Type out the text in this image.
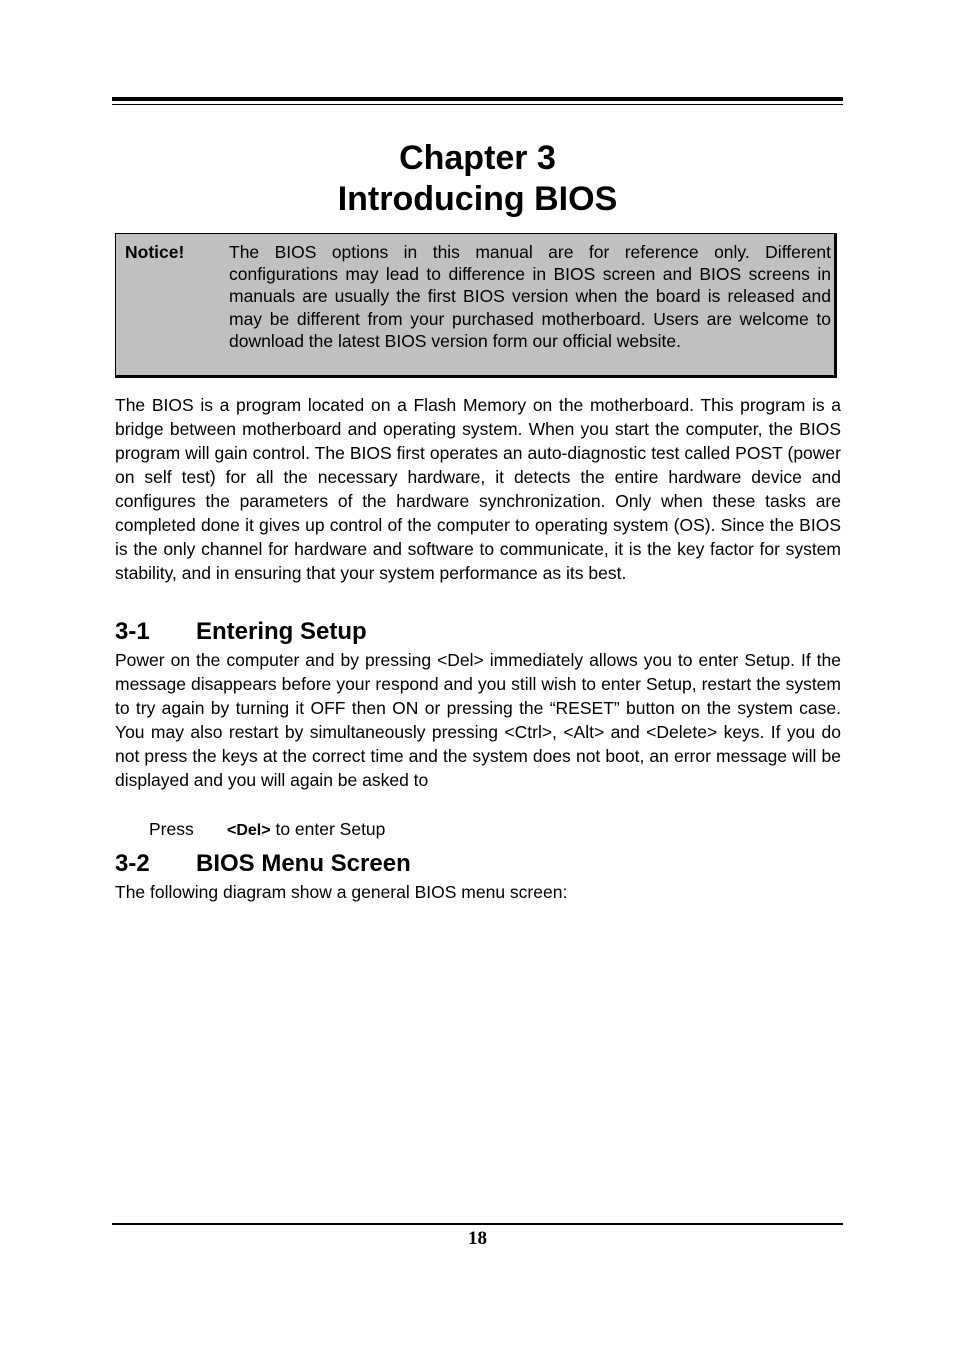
Chapter 3
Introducing BIOS
Notice!	The BIOS options in this manual are for reference only. Different configurations may lead to difference in BIOS screen and BIOS screens in manuals are usually the first BIOS version when the board is released and may be different from your purchased motherboard. Users are welcome to download the latest BIOS version form our official website.

The BIOS is a program located on a Flash Memory on the motherboard. This program is a bridge between motherboard and operating system. When you start the computer, the BIOS program will gain control. The BIOS first operates an auto-diagnostic test called POST (power on self test) for all the necessary hardware, it detects the entire hardware device and configures the parameters of the hardware synchronization. Only when these tasks are completed done it gives up control of the computer to operating system (OS). Since the BIOS is the only channel for hardware and software to communicate, it is the key factor for system stability, and in ensuring that your system performance as its best.

3-1 Entering Setup

Power on the computer and by pressing <Del> immediately allows you to enter Setup. If the message disappears before your respond and you still wish to enter Setup, restart the system to try again by turning it OFF then ON or pressing the “RESET” button on the system case. You may also restart by simultaneously pressing <Ctrl>, <Alt> and <Delete> keys. If you do not press the keys at the correct time and the system does not boot, an error message will be displayed and you will again be asked to

Press <Del> to enter Setup
3-2 BIOS Menu Screen

The following diagram show a general BIOS menu screen:

18
